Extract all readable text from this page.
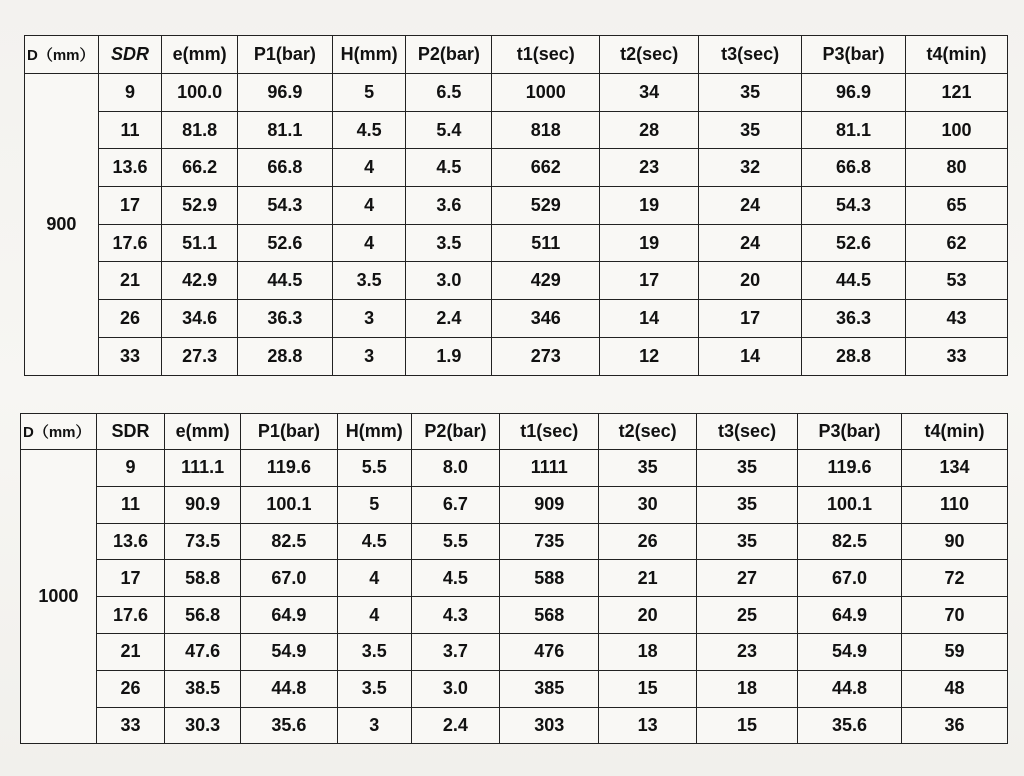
D（mm）	SDR	e(mm)	P1(bar)	H(mm)	P2(bar)	t1(sec)	t2(sec)	t3(sec)	P3(bar)	t4(min)
900	9	100.0	96.9	5	6.5	1000	34	35	96.9	121
	11	81.8	81.1	4.5	5.4	818	28	35	81.1	100
	13.6	66.2	66.8	4	4.5	662	23	32	66.8	80
	17	52.9	54.3	4	3.6	529	19	24	54.3	65
	17.6	51.1	52.6	4	3.5	511	19	24	52.6	62
	21	42.9	44.5	3.5	3.0	429	17	20	44.5	53
	26	34.6	36.3	3	2.4	346	14	17	36.3	43
	33	27.3	28.8	3	1.9	273	12	14	28.8	33
D（mm）	SDR	e(mm)	P1(bar)	H(mm)	P2(bar)	t1(sec)	t2(sec)	t3(sec)	P3(bar)	t4(min)
1000	9	111.1	119.6	5.5	8.0	1111	35	35	119.6	134
	11	90.9	100.1	5	6.7	909	30	35	100.1	110
	13.6	73.5	82.5	4.5	5.5	735	26	35	82.5	90
	17	58.8	67.0	4	4.5	588	21	27	67.0	72
	17.6	56.8	64.9	4	4.3	568	20	25	64.9	70
	21	47.6	54.9	3.5	3.7	476	18	23	54.9	59
	26	38.5	44.8	3.5	3.0	385	15	18	44.8	48
	33	30.3	35.6	3	2.4	303	13	15	35.6	36
